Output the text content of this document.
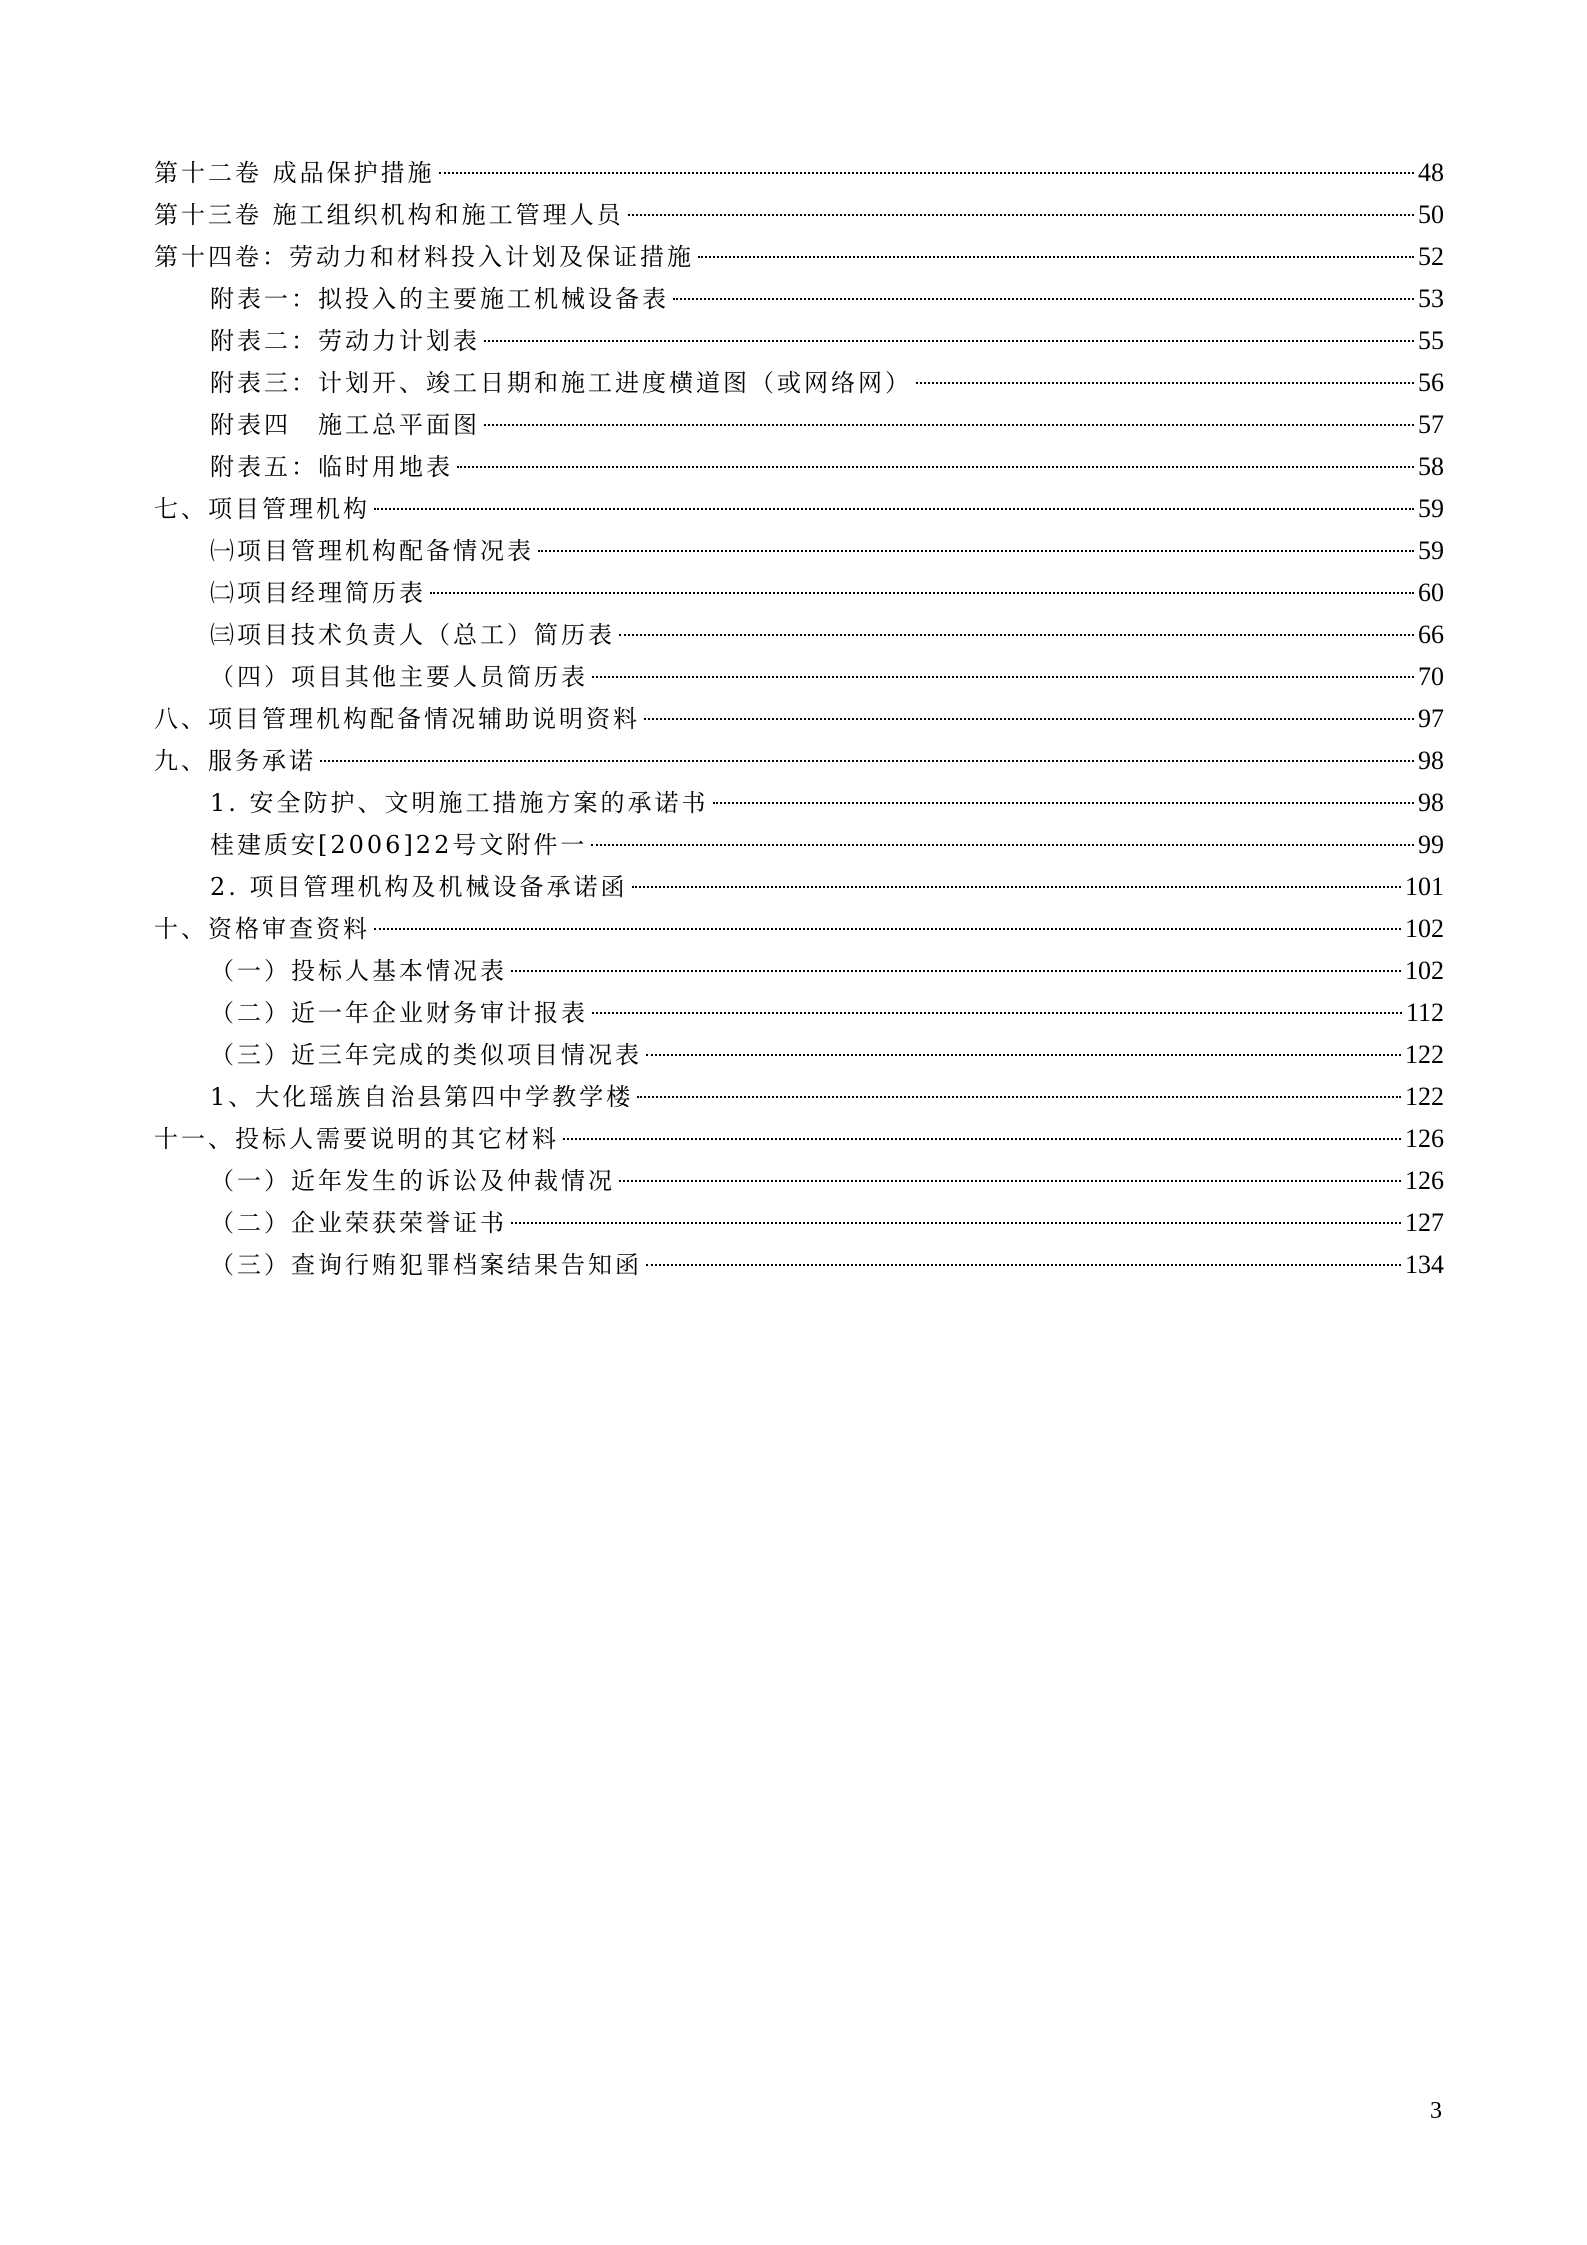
第十二卷 成品保护措施	48
第十三卷 施工组织机构和施工管理人员	50
第十四卷：劳动力和材料投入计划及保证措施	52
附表一：拟投入的主要施工机械设备表	53
附表二：劳动力计划表	55
附表三：计划开、竣工日期和施工进度横道图（或网络网）	56
附表四　施工总平面图	57
附表五：临时用地表	58
七、项目管理机构	59
㈠项目管理机构配备情况表	59
㈡项目经理简历表	60
㈢项目技术负责人（总工）简历表	66
（四）项目其他主要人员简历表	70
八、项目管理机构配备情况辅助说明资料	97
九、服务承诺	98
1. 安全防护、文明施工措施方案的承诺书	98
桂建质安[2006]22号文附件一	99
2. 项目管理机构及机械设备承诺函	101
十、资格审查资料	102
（一）投标人基本情况表	102
（二）近一年企业财务审计报表	112
（三）近三年完成的类似项目情况表	122
1、大化瑶族自治县第四中学教学楼	122
十一、投标人需要说明的其它材料	126
（一）近年发生的诉讼及仲裁情况	126
（二）企业荣获荣誉证书	127
（三）查询行贿犯罪档案结果告知函	134
3
